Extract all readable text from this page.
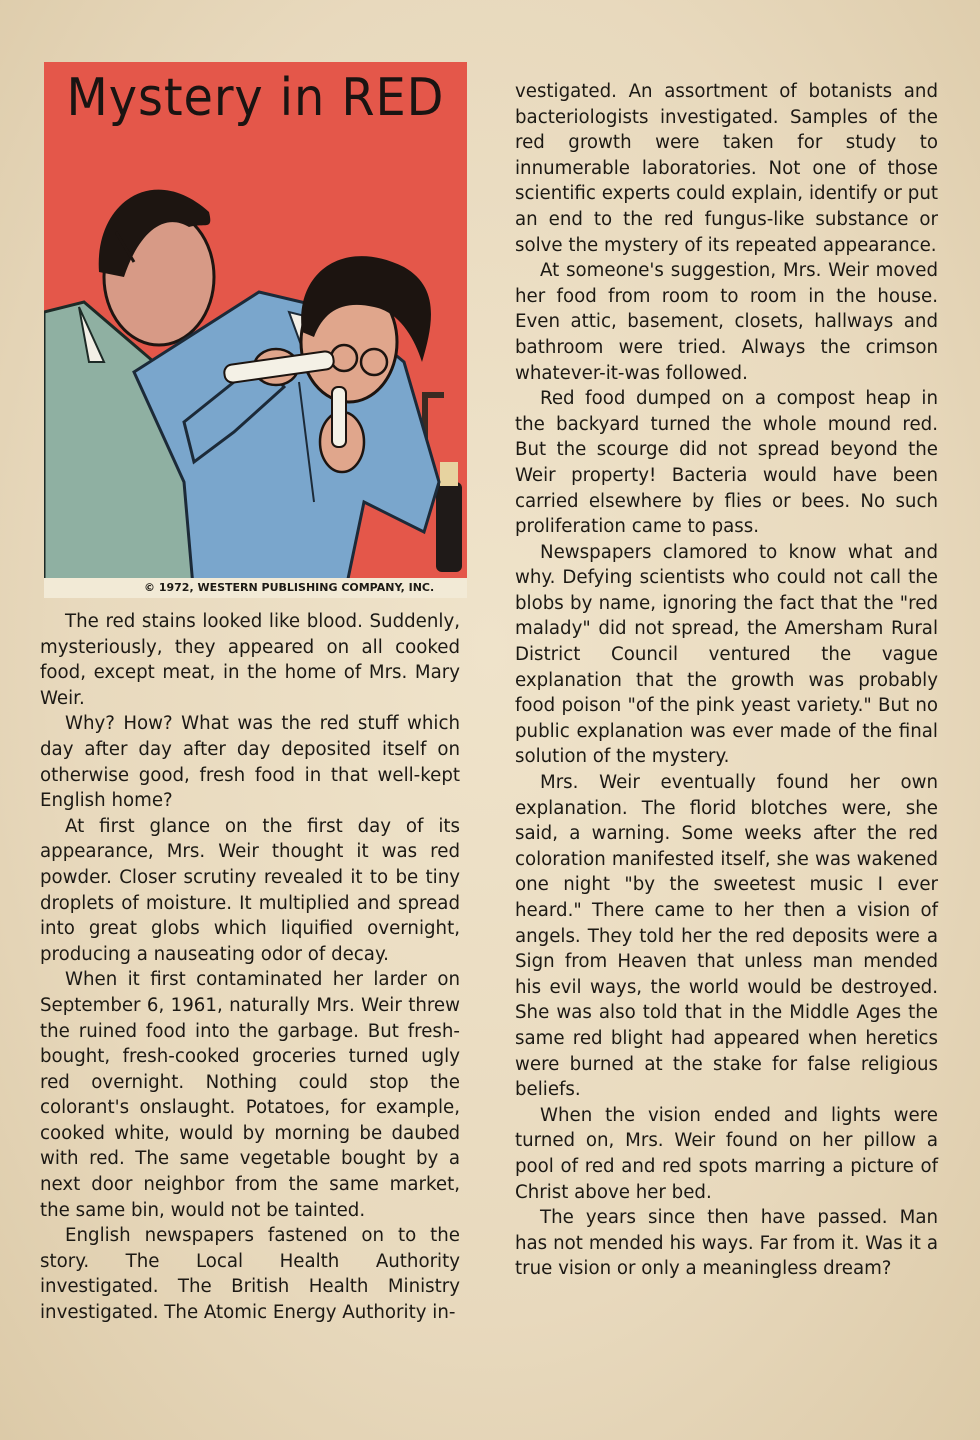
Mystery in RED
© 1972, WESTERN PUBLISHING COMPANY, INC.

The red stains looked like blood. Suddenly, mysteriously, they appeared on all cooked food, except meat, in the home of Mrs. Mary Weir.

Why? How? What was the red stuff which day after day after day deposited itself on otherwise good, fresh food in that well-kept English home?

At first glance on the first day of its appearance, Mrs. Weir thought it was red powder. Closer scrutiny revealed it to be tiny droplets of moisture. It multiplied and spread into great globs which liquified overnight, producing a nauseating odor of decay.

When it first contaminated her larder on September 6, 1961, naturally Mrs. Weir threw the ruined food into the garbage. But fresh-bought, fresh-cooked groceries turned ugly red overnight. Nothing could stop the colorant's onslaught. Potatoes, for example, cooked white, would by morning be daubed with red. The same vegetable bought by a next door neighbor from the same market, the same bin, would not be tainted.

English newspapers fastened on to the story. The Local Health Authority investigated. The British Health Ministry investigated. The Atomic Energy Authority in-

vestigated. An assortment of botanists and bacteriologists investigated. Samples of the red growth were taken for study to innumerable laboratories. Not one of those scientific experts could explain, identify or put an end to the red fungus-like substance or solve the mystery of its repeated appearance.

At someone's suggestion, Mrs. Weir moved her food from room to room in the house. Even attic, basement, closets, hallways and bathroom were tried. Always the crimson whatever-it-was followed.

Red food dumped on a compost heap in the backyard turned the whole mound red. But the scourge did not spread beyond the Weir property! Bacteria would have been carried elsewhere by flies or bees. No such proliferation came to pass.

Newspapers clamored to know what and why. Defying scientists who could not call the blobs by name, ignoring the fact that the "red malady" did not spread, the Amersham Rural District Council ventured the vague explanation that the growth was probably food poison "of the pink yeast variety." But no public explanation was ever made of the final solution of the mystery.

Mrs. Weir eventually found her own explanation. The florid blotches were, she said, a warning. Some weeks after the red coloration manifested itself, she was wakened one night "by the sweetest music I ever heard." There came to her then a vision of angels. They told her the red deposits were a Sign from Heaven that unless man mended his evil ways, the world would be destroyed. She was also told that in the Middle Ages the same red blight had appeared when heretics were burned at the stake for false religious beliefs.

When the vision ended and lights were turned on, Mrs. Weir found on her pillow a pool of red and red spots marring a picture of Christ above her bed.

The years since then have passed. Man has not mended his ways. Far from it. Was it a true vision or only a meaningless dream?
